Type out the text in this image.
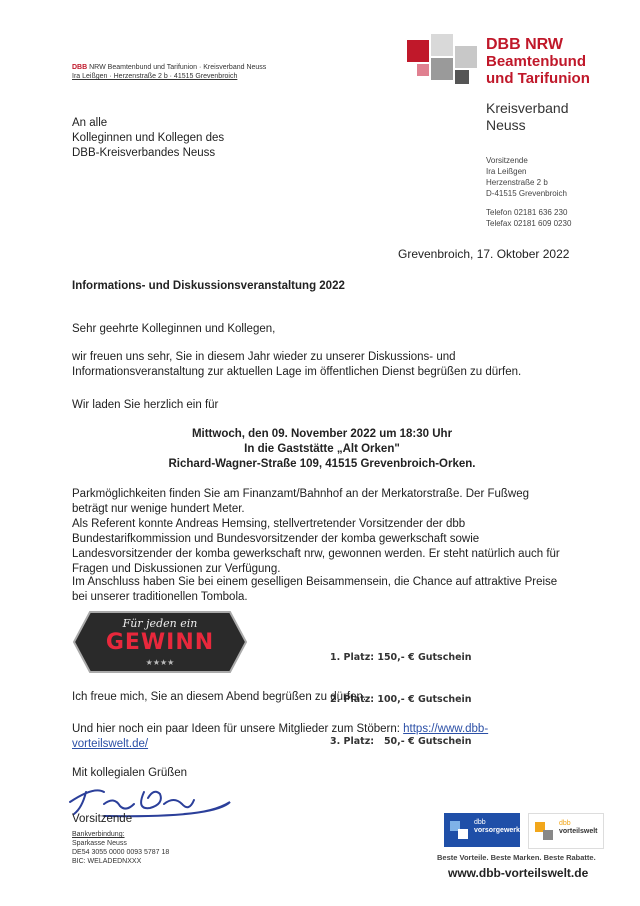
DBB NRW Beamtenbund und Tarifunion · Kreisverband Neuss
Ira Leißgen · Herzenstraße 2 b · 41515 Grevenbroich
An alle
Kolleginnen und Kollegen des
DBB-Kreisverbandes Neuss
DBB NRW
Beamtenbund
und Tarifunion
Kreisverband
Neuss
Vorsitzende
Ira Leißgen
Herzenstraße 2 b
D-41515 Grevenbroich
Telefon 02181 636 230
Telefax 02181 609 0230
Grevenbroich, 17. Oktober 2022
Informations- und Diskussionsveranstaltung 2022
Sehr geehrte Kolleginnen und Kollegen,
wir freuen uns sehr, Sie in diesem Jahr wieder zu unserer Diskussions- und Informationsveranstaltung zur aktuellen Lage im öffentlichen Dienst begrüßen zu dürfen.
Wir laden Sie herzlich ein für
Mittwoch, den 09. November 2022 um 18:30 Uhr
In die Gaststätte „Alt Orken"
Richard-Wagner-Straße 109, 41515 Grevenbroich-Orken.
Parkmöglichkeiten finden Sie am Finanzamt/Bahnhof an der Merkatorstraße. Der Fußweg beträgt nur wenige hundert Meter.
Als Referent konnte Andreas Hemsing, stellvertretender Vorsitzender der dbb Bundestarifkommission und Bundesvorsitzender der komba gewerkschaft sowie Landesvorsitzender der komba gewerkschaft nrw, gewonnen werden. Er steht natürlich auch für Fragen und Diskussionen zur Verfügung.
Im Anschluss haben Sie bei einem geselligen Beisammensein, die Chance auf attraktive Preise bei unserer traditionellen Tombola.
Für jeden ein
GEWINN
★★★★

	1. Platz: 150,- € Gutschein

2. Platz: 100,- € Gutschein

3. Platz:   50,- € Gutschein

Ich freue mich, Sie an diesem Abend begrüßen zu dürfen.
Und hier noch ein paar Ideen für unsere Mitglieder zum Stöbern: https://www.dbb-vorteilswelt.de/
Mit kollegialen Grüßen
Vorsitzende
Bankverbindung:
Sparkasse Neuss
DE54 3055 0000 0093 5787 18
BIC: WELADEDNXXX
dbb
vorsorgewerk
dbb
vorteilswelt
Beste Vorteile. Beste Marken. Beste Rabatte.
www.dbb-vorteilswelt.de
